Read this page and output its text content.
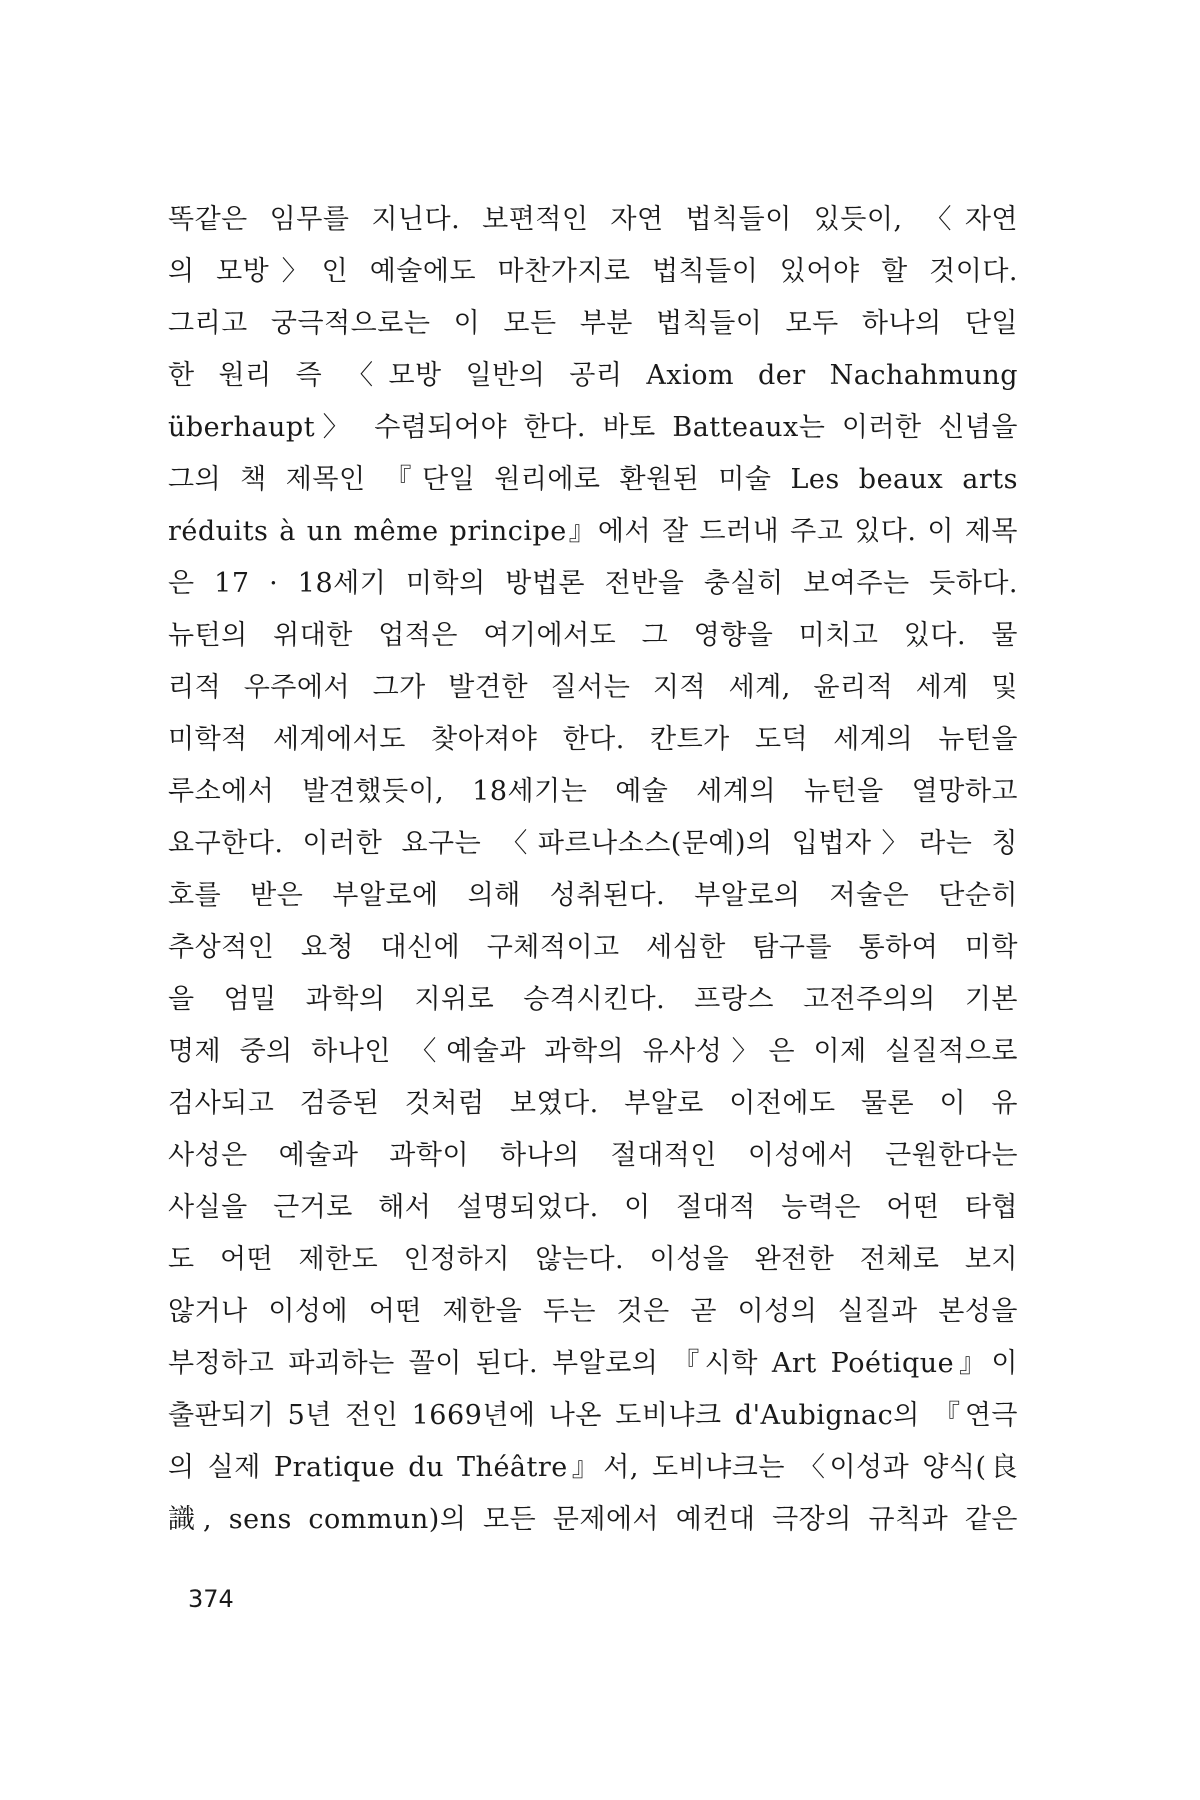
똑같은 임무를 지닌다. 보편적인 자연 법칙들이 있듯이, 〈자연
의 모방〉인 예술에도 마찬가지로 법칙들이 있어야 할 것이다.
그리고 궁극적으로는 이 모든 부분 법칙들이 모두 하나의 단일
한 원리 즉 〈모방 일반의 공리 Axiom der Nachahmung
überhaupt〉 수렴되어야 한다. 바토 Batteaux는 이러한 신념을
그의 책 제목인 『단일 원리에로 환원된 미술 Les beaux arts
réduits à un même principe』에서 잘 드러내 주고 있다. 이 제목
은 17 · 18세기 미학의 방법론 전반을 충실히 보여주는 듯하다.
뉴턴의 위대한 업적은 여기에서도 그 영향을 미치고 있다. 물
리적 우주에서 그가 발견한 질서는 지적 세계, 윤리적 세계 및
미학적 세계에서도 찾아져야 한다. 칸트가 도덕 세계의 뉴턴을
루소에서 발견했듯이, 18세기는 예술 세계의 뉴턴을 열망하고
요구한다. 이러한 요구는 〈파르나소스(문예)의 입법자〉라는 칭
호를 받은 부알로에 의해 성취된다. 부알로의 저술은 단순히
추상적인 요청 대신에 구체적이고 세심한 탐구를 통하여 미학
을 엄밀 과학의 지위로 승격시킨다. 프랑스 고전주의의 기본
명제 중의 하나인 〈예술과 과학의 유사성〉은 이제 실질적으로
검사되고 검증된 것처럼 보였다. 부알로 이전에도 물론 이 유
사성은 예술과 과학이 하나의 절대적인 이성에서 근원한다는
사실을 근거로 해서 설명되었다. 이 절대적 능력은 어떤 타협
도 어떤 제한도 인정하지 않는다. 이성을 완전한 전체로 보지
않거나 이성에 어떤 제한을 두는 것은 곧 이성의 실질과 본성을
부정하고 파괴하는 꼴이 된다. 부알로의 『시학 Art Poétique』이
출판되기 5년 전인 1669년에 나온 도비냐크 d'Aubignac의 『연극
의 실제 Pratique du Théâtre』서, 도비냐크는 〈이성과 양식(良
識, sens commun)의 모든 문제에서 예컨대 극장의 규칙과 같은
374
